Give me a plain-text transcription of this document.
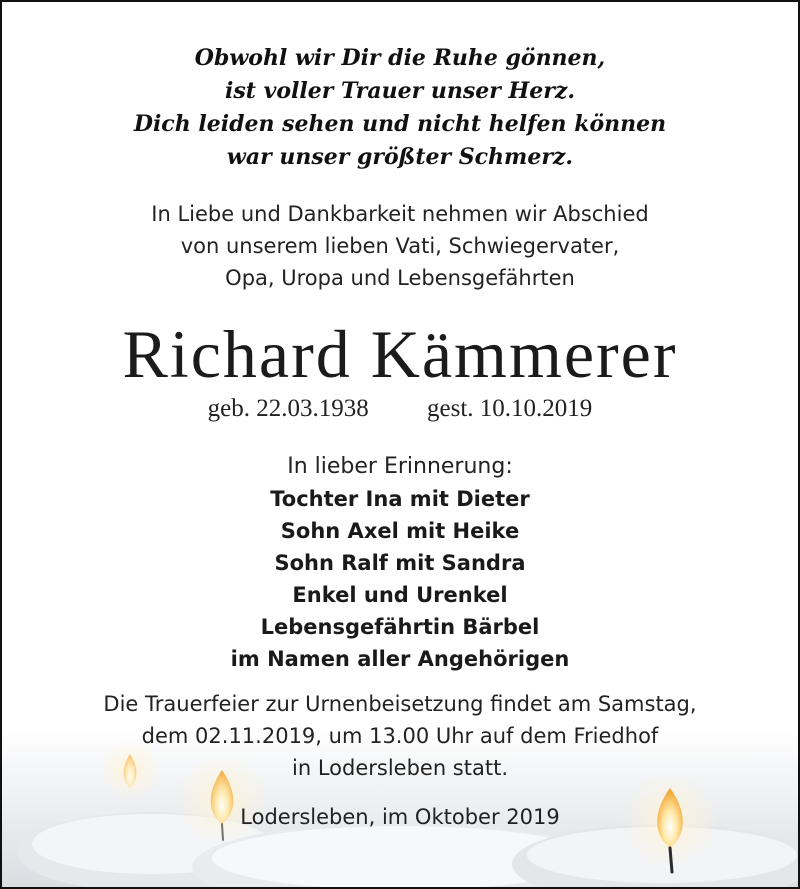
Obwohl wir Dir die Ruhe gönnen,
ist voller Trauer unser Herz.
Dich leiden sehen und nicht helfen können
war unser größter Schmerz.
In Liebe und Dankbarkeit nehmen wir Abschied
von unserem lieben Vati, Schwiegervater,
Opa, Uropa und Lebensgefährten
Richard Kämmerer
geb. 22.03.1938 gest. 10.10.2019
In lieber Erinnerung:
Tochter Ina mit Dieter
Sohn Axel mit Heike
Sohn Ralf mit Sandra
Enkel und Urenkel
Lebensgefährtin Bärbel
im Namen aller Angehörigen
Die Trauerfeier zur Urnenbeisetzung findet am Samstag,
dem 02.11.2019, um 13.00 Uhr auf dem Friedhof
in Lodersleben statt.
Lodersleben, im Oktober 2019
